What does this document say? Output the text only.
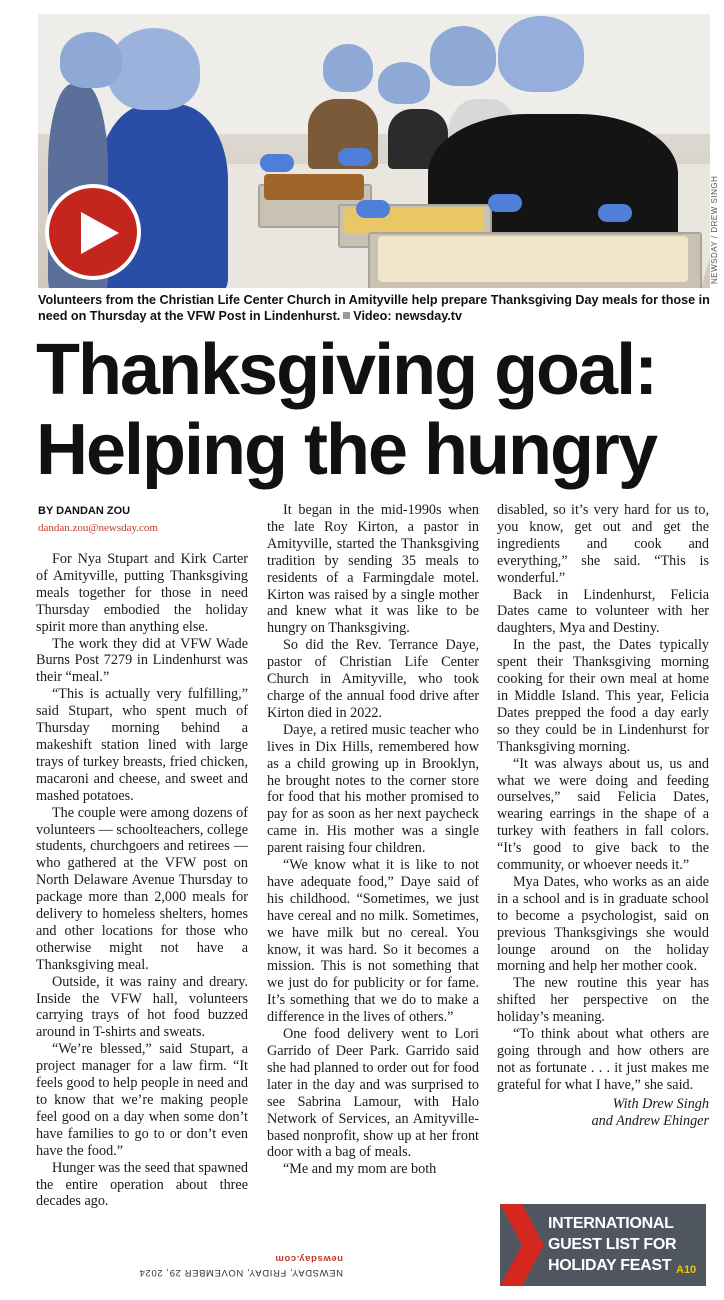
NEWSDAY / DREW SINGH
Volunteers from the Christian Life Center Church in Amityville help prepare Thanksgiving Day meals for those in need on Thursday at the VFW Post in Lindenhurst. Video: newsday.tv
Thanksgiving goal:
Helping the hungry
BY DANDAN ZOU
dandan.zou@newsday.com

For Nya Stupart and Kirk Carter of Amityville, putting Thanksgiving meals together for those in need Thursday embodied the holiday spirit more than anything else.

The work they did at VFW Wade Burns Post 7279 in Lindenhurst was their “meal.”

“This is actually very fulfilling,” said Stupart, who spent much of Thursday morning behind a makeshift station lined with large trays of turkey breasts, fried chicken, macaroni and cheese, and sweet and mashed potatoes.

The couple were among dozens of volunteers — schoolteachers, college students, churchgoers and retirees — who gathered at the VFW post on North Delaware Avenue Thursday to package more than 2,000 meals for delivery to homeless shelters, homes and other locations for those who otherwise might not have a Thanksgiving meal.

Outside, it was rainy and dreary. Inside the VFW hall, volunteers carrying trays of hot food buzzed around in T-shirts and sweats.

“We’re blessed,” said Stupart, a project manager for a law firm. “It feels good to help people in need and to know that we’re making people feel good on a day when some don’t have families to go to or don’t even have the food.”

Hunger was the seed that spawned the entire operation about three decades ago.

It began in the mid-1990s when the late Roy Kirton, a pastor in Amityville, started the Thanksgiving tradition by sending 35 meals to residents of a Farmingdale motel. Kirton was raised by a single mother and knew what it was like to be hungry on Thanksgiving.

So did the Rev. Terrance Daye, pastor of Christian Life Center Church in Amityville, who took charge of the annual food drive after Kirton died in 2022.

Daye, a retired music teacher who lives in Dix Hills, remembered how as a child growing up in Brooklyn, he brought notes to the corner store for food that his mother promised to pay for as soon as her next paycheck came in. His mother was a single parent raising four children.

“We know what it is like to not have adequate food,” Daye said of his childhood. “Sometimes, we just have cereal and no milk. Sometimes, we have milk but no cereal. You know, it was hard. So it becomes a mission. This is not something that we just do for publicity or for fame. It’s something that we do to make a difference in the lives of others.”

One food delivery went to Lori Garrido of Deer Park. Garrido said she had planned to order out for food later in the day and was surprised to see Sabrina Lamour, with Halo Network of Services, an Amityville-based nonprofit, show up at her front door with a bag of meals.

“Me and my mom are both

disabled, so it’s very hard for us to, you know, get out and get the ingredients and cook and everything,” she said. “This is wonderful.”

Back in Lindenhurst, Felicia Dates came to volunteer with her daughters, Mya and Destiny.

In the past, the Dates typically spent their Thanksgiving morning cooking for their own meal at home in Middle Island. This year, Felicia Dates prepped the food a day early so they could be in Lindenhurst for Thanksgiving morning.

“It was always about us, us and what we were doing and feeding ourselves,” said Felicia Dates, wearing earrings in the shape of a turkey with feathers in fall colors. “It’s good to give back to the community, or whoever needs it.”

Mya Dates, who works as an aide in a school and is in graduate school to become a psychologist, said on previous Thanksgivings she would lounge around on the holiday morning and help her mother cook.

The new routine this year has shifted her perspective on the holiday’s meaning.

“To think about what others are going through and how others are not as fortunate . . . it just makes me grateful for what I have,” she said.

With Drew Singh
and Andrew Ehinger
NEWSDAY, FRIDAY, NOVEMBER 29, 2024
newsday.com
INTERNATIONAL GUEST LIST FOR HOLIDAY FEAST A10
